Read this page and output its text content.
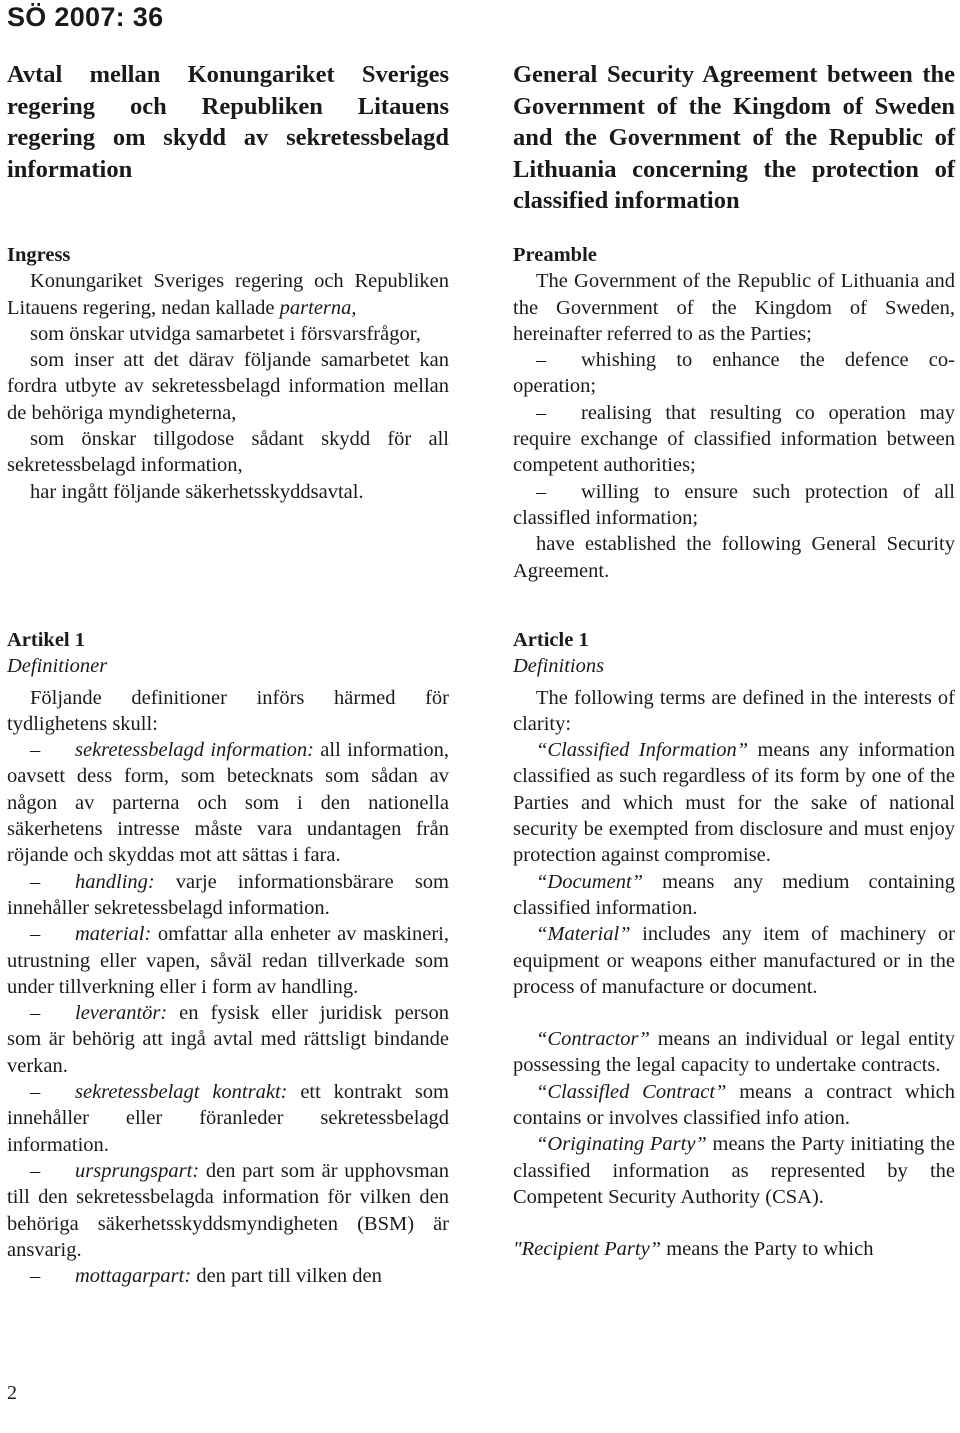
SÖ 2007: 36
Avtal mellan Konungariket Sveriges regering och Republiken Litauens regering om skydd av sekretessbelagd information

Ingress

Konungariket Sveriges regering och Republiken Litauens regering, nedan kallade parterna,

som önskar utvidga samarbetet i försvarsfrågor,

som inser att det därav följande samarbetet kan fordra utbyte av sekretessbelagd information mellan de behöriga myndigheterna,

som önskar tillgodose sådant skydd för all sekretessbelagd information,

har ingått följande säkerhetsskyddsavtal.

Artikel 1

Definitioner

Följande definitioner införs härmed för tydlighetens skull:

– sekretessbelagd information: all information, oavsett dess form, som betecknats som sådan av någon av parterna och som i den nationella säkerhetens intresse måste vara undantagen från röjande och skyddas mot att sättas i fara.

– handling: varje informationsbärare som innehåller sekretessbelagd information.

– material: omfattar alla enheter av maskineri, utrustning eller vapen, såväl redan tillverkade som under tillverkning eller i form av handling.

– leverantör: en fysisk eller juridisk person som är behörig att ingå avtal med rättsligt bindande verkan.

– sekretessbelagt kontrakt: ett kontrakt som innehåller eller föranleder sekretessbelagd information.

– ursprungspart: den part som är upphovsman till den sekretessbelagda information för vilken den behöriga säkerhetsskyddsmyndigheten (BSM) är ansvarig.

– mottagarpart: den part till vilken den

General Security Agreement between the Government of the Kingdom of Sweden and the Government of the Republic of Lithuania concerning the protection of classified information

Preamble

The Government of the Republic of Lithuania and the Government of the Kingdom of Sweden, hereinafter referred to as the Parties;

– whishing to enhance the defence co-operation;

– realising that resulting co operation may require exchange of classified information between competent authorities;

– willing to ensure such protection of all classifled information;

have established the following General Security Agreement.

Article 1

Definitions

The following terms are defined in the interests of clarity:

“Classified Information” means any information classified as such regardless of its form by one of the Parties and which must for the sake of national security be exempted from disclosure and must enjoy protection against compromise.

“Document” means any medium containing classified information.

“Material” includes any item of machinery or equipment or weapons either manufactured or in the process of manufacture or document.

“Contractor” means an individual or legal entity possessing the legal capacity to undertake contracts.

“Classifled Contract” means a contract which contains or involves classified info ation.

“Originating Party” means the Party initiating the classified information as represented by the Competent Security Authority (CSA).

"Recipient Party” means the Party to which

2
